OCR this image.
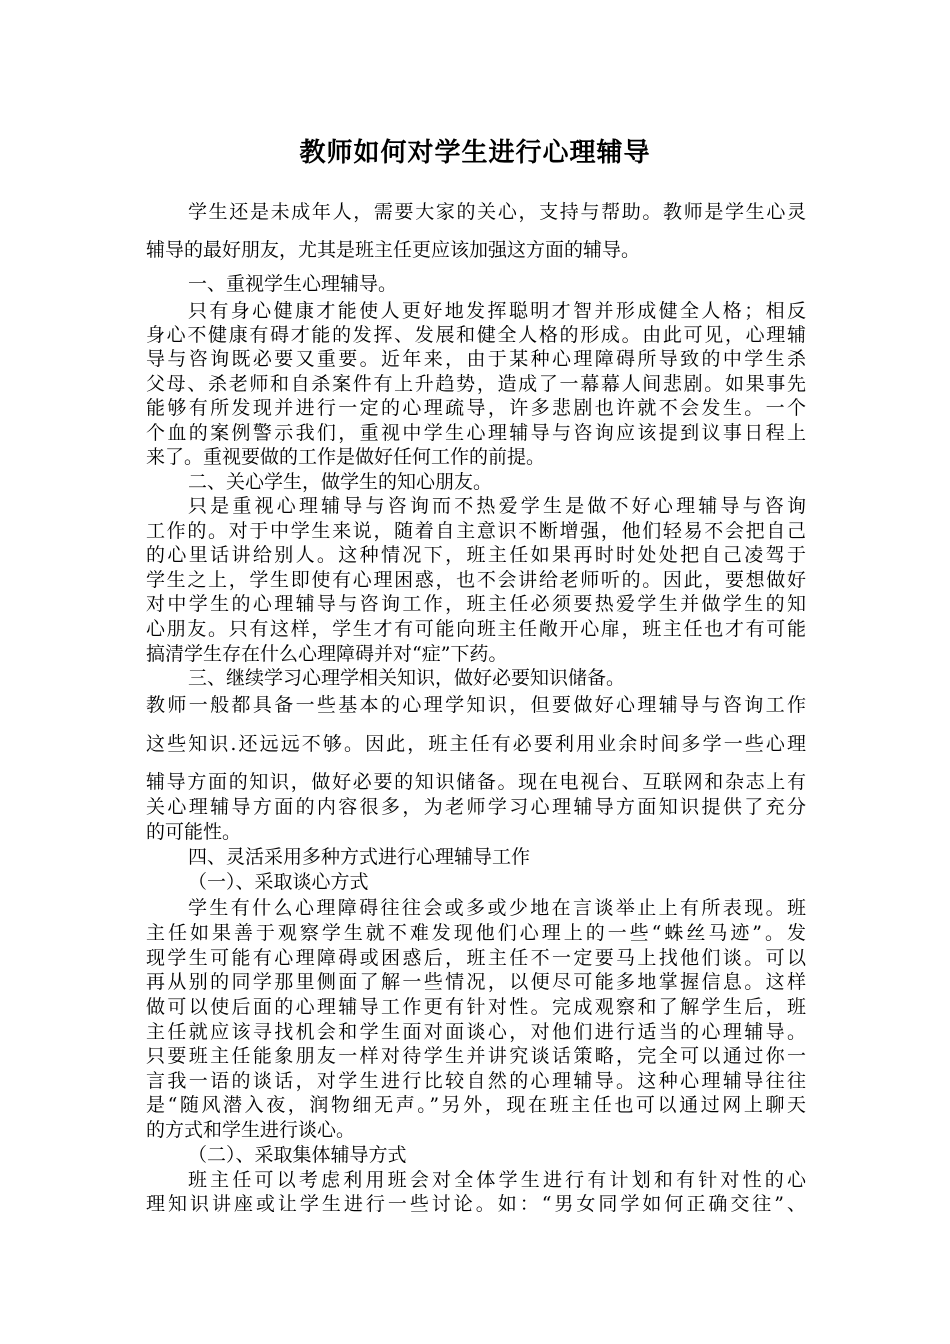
教师如何对学生进行心理辅导
学生还是未成年人，需要大家的关心，支持与帮助。教师是学生心灵
辅导的最好朋友，尤其是班主任更应该加强这方面的辅导。
一、重视学生心理辅导。
只有身心健康才能使人更好地发挥聪明才智并形成健全人格；相反
身心不健康有碍才能的发挥、发展和健全人格的形成。由此可见，心理辅
导与咨询既必要又重要。近年来，由于某种心理障碍所导致的中学生杀
父母、杀老师和自杀案件有上升趋势，造成了一幕幕人间悲剧。如果事先
能够有所发现并进行一定的心理疏导，许多悲剧也许就不会发生。一个
个血的案例警示我们，重视中学生心理辅导与咨询应该提到议事日程上
来了。重视要做的工作是做好任何工作的前提。
二、关心学生，做学生的知心朋友。
只是重视心理辅导与咨询而不热爱学生是做不好心理辅导与咨询
工作的。对于中学生来说，随着自主意识不断增强，他们轻易不会把自己
的心里话讲给别人。这种情况下，班主任如果再时时处处把自己凌驾于
学生之上，学生即使有心理困惑，也不会讲给老师听的。因此，要想做好
对中学生的心理辅导与咨询工作，班主任必须要热爱学生并做学生的知
心朋友。只有这样，学生才有可能向班主任敞开心扉，班主任也才有可能
搞清学生存在什么心理障碍并对“症”下药。
三、继续学习心理学相关知识，做好必要知识储备。
教师一般都具备一些基本的心理学知识，但要做好心理辅导与咨询工作
这些知识.还远远不够。因此，班主任有必要利用业余时间多学一些心理
辅导方面的知识，做好必要的知识储备。现在电视台、互联网和杂志上有
关心理辅导方面的内容很多，为老师学习心理辅导方面知识提供了充分
的可能性。
四、灵活采用多种方式进行心理辅导工作
（一）、采取谈心方式
学生有什么心理障碍往往会或多或少地在言谈举止上有所表现。班
主任如果善于观察学生就不难发现他们心理上的一些“蛛丝马迹”。发
现学生可能有心理障碍或困惑后，班主任不一定要马上找他们谈。可以
再从别的同学那里侧面了解一些情况，以便尽可能多地掌握信息。这样
做可以使后面的心理辅导工作更有针对性。完成观察和了解学生后，班
主任就应该寻找机会和学生面对面谈心，对他们进行适当的心理辅导。
只要班主任能象朋友一样对待学生并讲究谈话策略，完全可以通过你一
言我一语的谈话，对学生进行比较自然的心理辅导。这种心理辅导往往
是“随风潜入夜，润物细无声。”另外，现在班主任也可以通过网上聊天
的方式和学生进行谈心。
（二）、采取集体辅导方式
班主任可以考虑利用班会对全体学生进行有计划和有针对性的心
理知识讲座或让学生进行一些讨论。如：“男女同学如何正确交往”、
